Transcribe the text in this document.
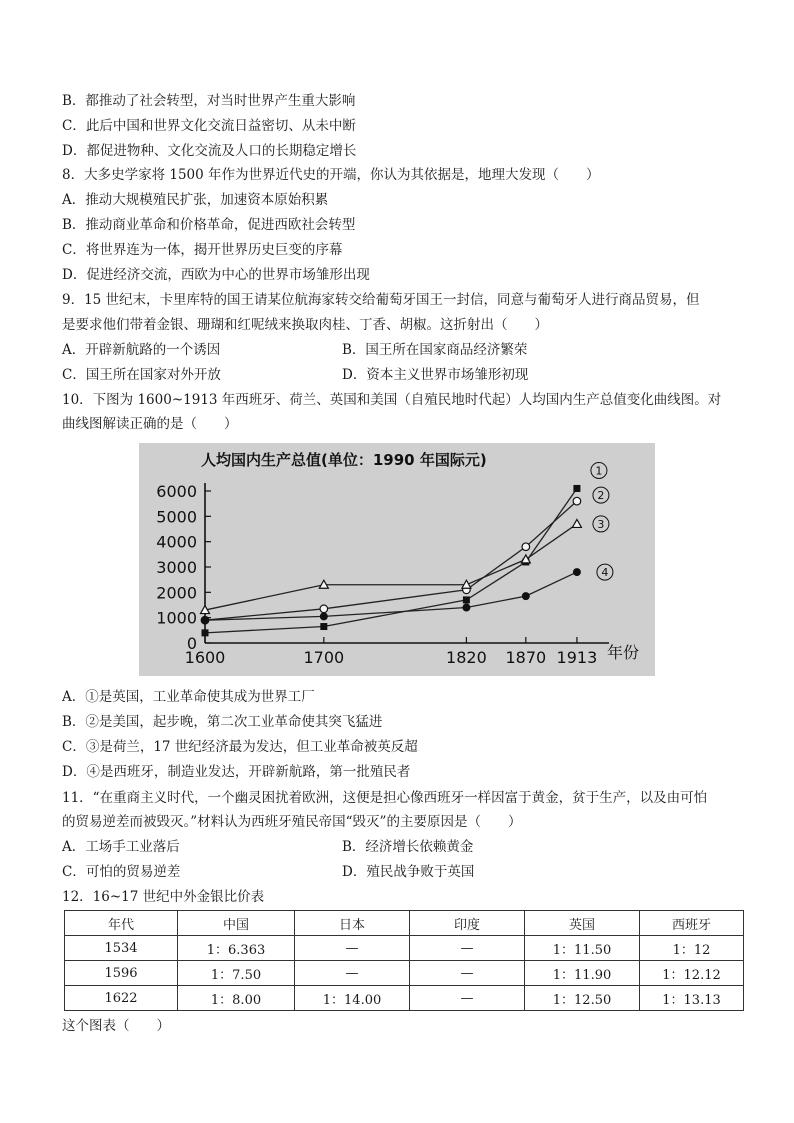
B．都推动了社会转型，对当时世界产生重大影响
C．此后中国和世界文化交流日益密切、从未中断
D．都促进物种、文化交流及人口的长期稳定增长
8．大多史学家将 1500 年作为世界近代史的开端，你认为其依据是，地理大发现（　　）
A．推动大规模殖民扩张，加速资本原始积累
B．推动商业革命和价格革命，促进西欧社会转型
C．将世界连为一体，揭开世界历史巨变的序幕
D．促进经济交流，西欧为中心的世界市场雏形出现
9．15 世纪末，卡里库特的国王请某位航海家转交给葡萄牙国王一封信，同意与葡萄牙人进行商品贸易，但
是要求他们带着金银、珊瑚和红呢绒来换取肉桂、丁香、胡椒。这折射出（　　）
A．开辟新航路的一个诱因	B．国王所在国家商品经济繁荣
C．国王所在国家对外开放	D．资本主义世界市场雏形初现
10．下图为 1600~1913 年西班牙、荷兰、英国和美国（自殖民地时代起）人均国内生产总值变化曲线图。对
曲线图解读正确的是（　　）
人均国内生产总值(单位：1990 年国际元)
年份
0
1000
2000
3000
4000
5000
6000
1600	1700	1820 1870 1913
1
2
3
4
A．①是英国，工业革命使其成为世界工厂
B．②是美国，起步晚，第二次工业革命使其突飞猛进
C．③是荷兰，17 世纪经济最为发达，但工业革命被英反超
D．④是西班牙，制造业发达，开辟新航路，第一批殖民者
11．“在重商主义时代，一个幽灵困扰着欧洲，这便是担心像西班牙一样因富于黄金，贫于生产，以及由可怕
的贸易逆差而被毁灭。”材料认为西班牙殖民帝国“毁灭”的主要原因是（　　）
A．工场手工业落后	B．经济增长依赖黄金
C．可怕的贸易逆差	D．殖民战争败于英国
12．16~17 世纪中外金银比价表
年代	中国	日本	印度	英国	西班牙
1534	1：6.363	—	—	1：11.50	1：12
1596	1：7.50	—	—	1：11.90	1：12.12
1622	1：8.00	1：14.00	—	1：12.50	1：13.13
这个图表（　　）
